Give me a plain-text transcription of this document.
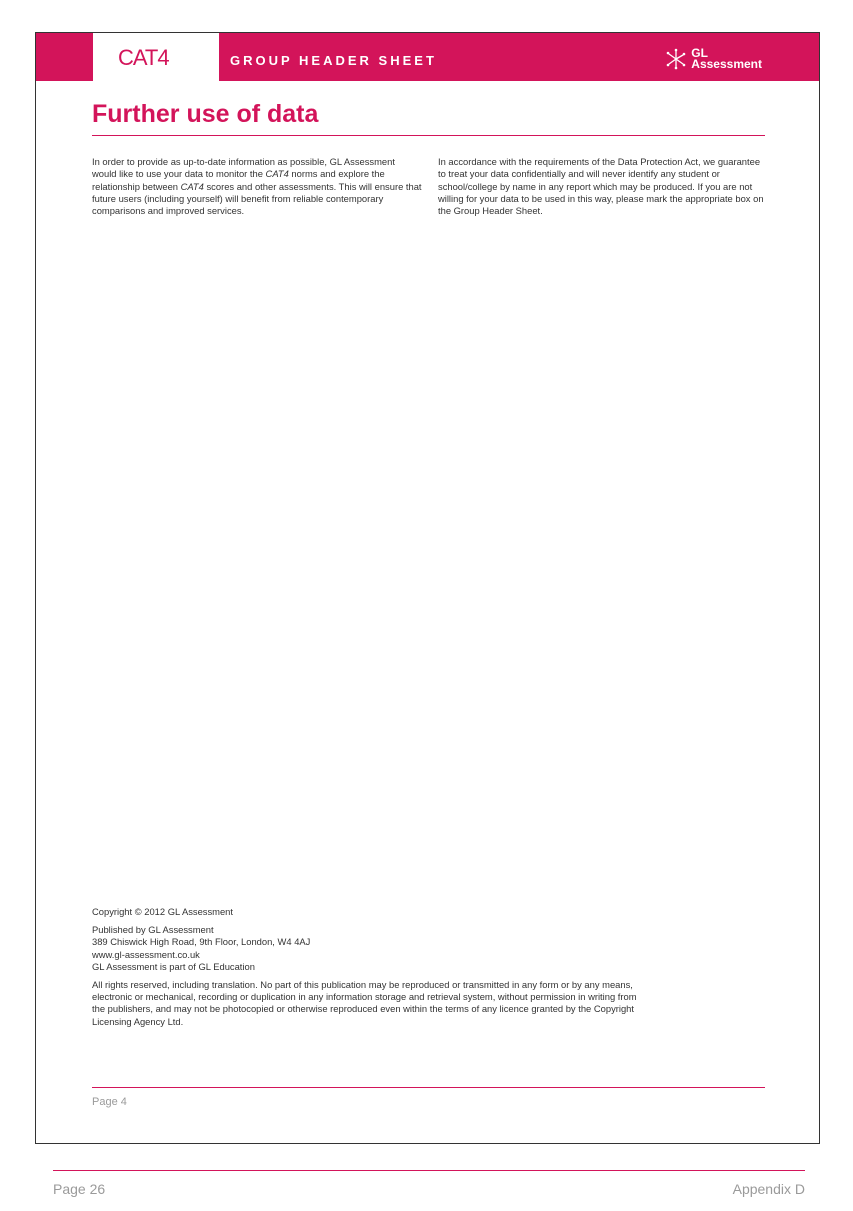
CAT4	GROUP HEADER SHEET	GL
Assessment
Further use of data
In order to provide as up-to-date information as possible, GL Assessment would like to use your data to monitor the CAT4 norms and explore the relationship between CAT4 scores and other assessments. This will ensure that future users (including yourself) will benefit from reliable contemporary comparisons and improved services.
In accordance with the requirements of the Data Protection Act, we guarantee to treat your data confidentially and will never identify any student or school/college by name in any report which may be produced. If you are not willing for your data to be used in this way, please mark the appropriate box on the Group Header Sheet.

Copyright © 2012 GL Assessment

Published by GL Assessment
389 Chiswick High Road, 9th Floor, London, W4 4AJ
www.gl-assessment.co.uk
GL Assessment is part of GL Education

All rights reserved, including translation. No part of this publication may be reproduced or transmitted in any form or by any means, electronic or mechanical, recording or duplication in any information storage and retrieval system, without permission in writing from the publishers, and may not be photocopied or otherwise reproduced even within the terms of any licence granted by the Copyright Licensing Agency Ltd.

Page 4
Page 26	Appendix D
